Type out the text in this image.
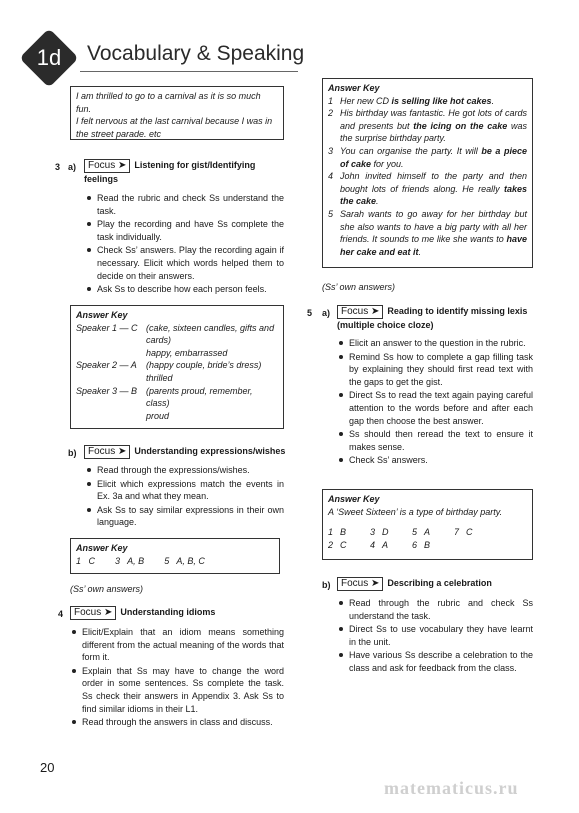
1d	Vocabulary & Speaking
I am thrilled to go to a carnival as it is so much fun.
I felt nervous at the last carnival because I was in the street parade. etc
3 a)	Focus ➤ Listening for gist/Identifying feelings
Read the rubric and check Ss understand the task.
Play the recording and have Ss complete the task individually.
Check Ss’ answers. Play the recording again if necessary. Elicit which words helped them to decide on their answers.
Ask Ss to describe how each person feels.
Answer Key
Speaker 1 — C (cake, sixteen candles, gifts and cards)
happy, embarrassed
Speaker 2 — A	(happy couple, bride’s dress)
thrilled
Speaker 3 — B (parents proud, remember, class)
proud
b)	Focus ➤ Understanding expressions/wishes
Read through the expressions/wishes.
Elicit which expressions match the events in Ex. 3a and what they mean.
Ask Ss to say similar expressions in their own language.
Answer Key
1   C        3   A, B        5   A, B, C
(Ss’ own answers)
4	Focus ➤ Understanding idioms
Elicit/Explain that an idiom means something different from the actual meaning of the words that form it.
Explain that Ss may have to change the word order in some sentences. Ss complete the task. Ss check their answers in Appendix 3. Ask Ss to find similar idioms in their L1.
Read through the answers in class and discuss.
Answer Key
1 Her new CD is selling like hot cakes.
2 His birthday was fantastic. He got lots of cards and presents but the icing on the cake was the surprise birthday party.
3 You can organise the party. It will be a piece of cake for you.
4 John invited himself to the party and then bought lots of friends along. He really takes the cake.
5 Sarah wants to go away for her birthday but she also wants to have a big party with all her friends. It sounds to me like she wants to have her cake and eat it.
(Ss’ own answers)
5 a)	Focus ➤ Reading to identify missing lexis (multiple choice cloze)
Elicit an answer to the question in the rubric.
Remind Ss how to complete a gap filling task by explaining they should first read text with the gaps to get the gist.
Direct Ss to read the text again paying careful attention to the words before and after each gap then choose the best answer.
Ss should then reread the text to ensure it makes sense.
Check Ss’ answers.
Answer Key
A ‘Sweet Sixteen’ is a type of birthday party.
1	B	3	D	5	A	7	C
2	C	4	A	6	B		
b)	Focus ➤ Describing a celebration
Read through the rubric and check Ss understand the task.
Direct Ss to use vocabulary they have learnt in the unit.
Have various Ss describe a celebration to the class and ask for feedback from the class.
20
matematicus.ru
